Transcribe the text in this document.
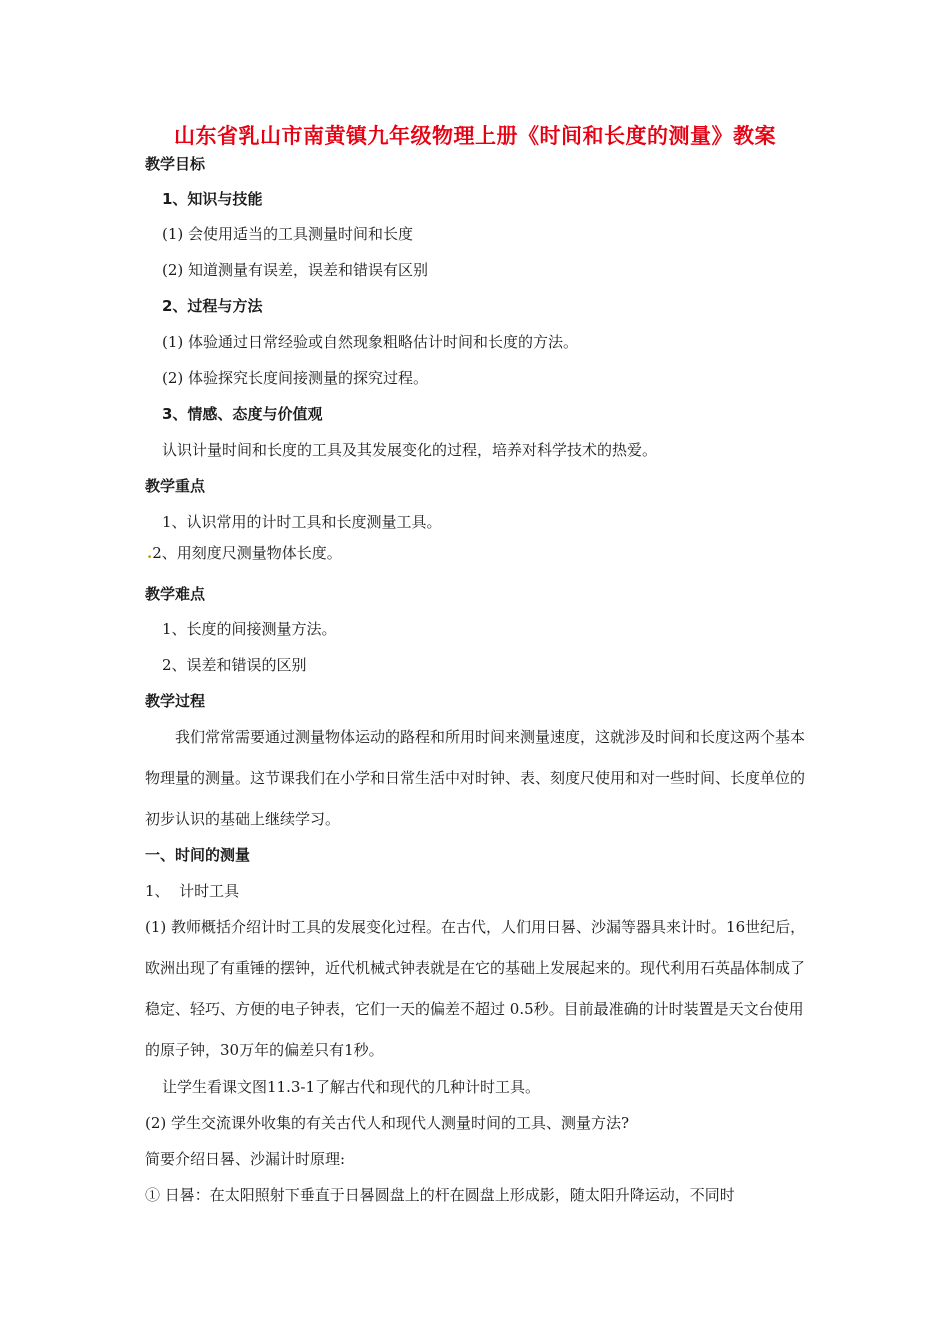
山东省乳山市南黄镇九年级物理上册《时间和长度的测量》教案
教学目标
1、知识与技能
(1) 会使用适当的工具测量时间和长度
(2) 知道测量有误差，误差和错误有区别
2、过程与方法
(1) 体验通过日常经验或自然现象粗略估计时间和长度的方法。
(2) 体验探究长度间接测量的探究过程。
3、情感、态度与价值观
认识计量时间和长度的工具及其发展变化的过程，培养对科学技术的热爱。
教学重点
1、认识常用的计时工具和长度测量工具。
.2、用刻度尺测量物体长度。
教学难点
1、长度的间接测量方法。
2、误差和错误的区别
教学过程
我们常常需要通过测量物体运动的路程和所用时间来测量速度，这就涉及时间和长度这两个基本物理量的测量。这节课我们在小学和日常生活中对时钟、表、刻度尺使用和对一些时间、长度单位的初步认识的基础上继续学习。
一、时间的测量
1、  计时工具
(1) 教师概括介绍计时工具的发展变化过程。在古代，人们用日晷、沙漏等器具来计时。16世纪后，欧洲出现了有重锤的摆钟，近代机械式钟表就是在它的基础上发展起来的。现代利用石英晶体制成了稳定、轻巧、方便的电子钟表，它们一天的偏差不超过 0.5秒。目前最准确的计时装置是天文台使用的原子钟，30万年的偏差只有1秒。
让学生看课文图11.3-1了解古代和现代的几种计时工具。
(2) 学生交流课外收集的有关古代人和现代人测量时间的工具、测量方法?
简要介绍日晷、沙漏计时原理:
① 日晷：在太阳照射下垂直于日晷圆盘上的杆在圆盘上形成影，随太阳升降运动，不同时
